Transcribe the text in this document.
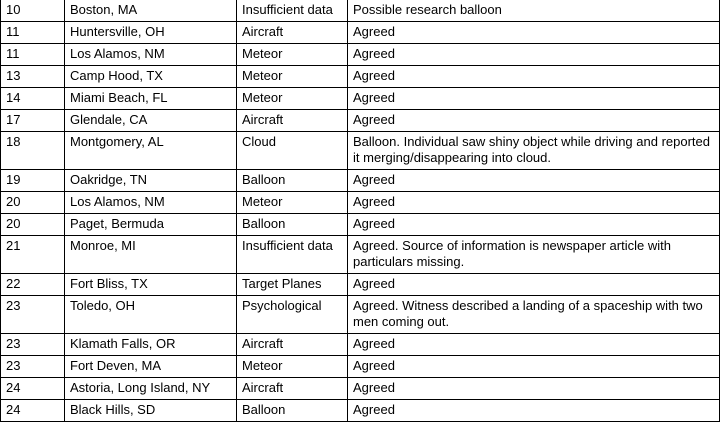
10	Boston, MA	Insufficient data	Possible research balloon
11	Huntersville, OH	Aircraft	Agreed
11	Los Alamos, NM	Meteor	Agreed
13	Camp Hood, TX	Meteor	Agreed
14	Miami Beach, FL	Meteor	Agreed
17	Glendale, CA	Aircraft	Agreed
18	Montgomery, AL	Cloud	Balloon. Individual saw shiny object while driving and reported it merging/disappearing into cloud.
19	Oakridge, TN	Balloon	Agreed
20	Los Alamos, NM	Meteor	Agreed
20	Paget, Bermuda	Balloon	Agreed
21	Monroe, MI	Insufficient data	Agreed. Source of information is newspaper article with particulars missing.
22	Fort Bliss, TX	Target Planes	Agreed
23	Toledo, OH	Psychological	Agreed. Witness described a landing of a spaceship with two men coming out.
23	Klamath Falls, OR	Aircraft	Agreed
23	Fort Deven, MA	Meteor	Agreed
24	Astoria, Long Island, NY	Aircraft	Agreed
24	Black Hills, SD	Balloon	Agreed
